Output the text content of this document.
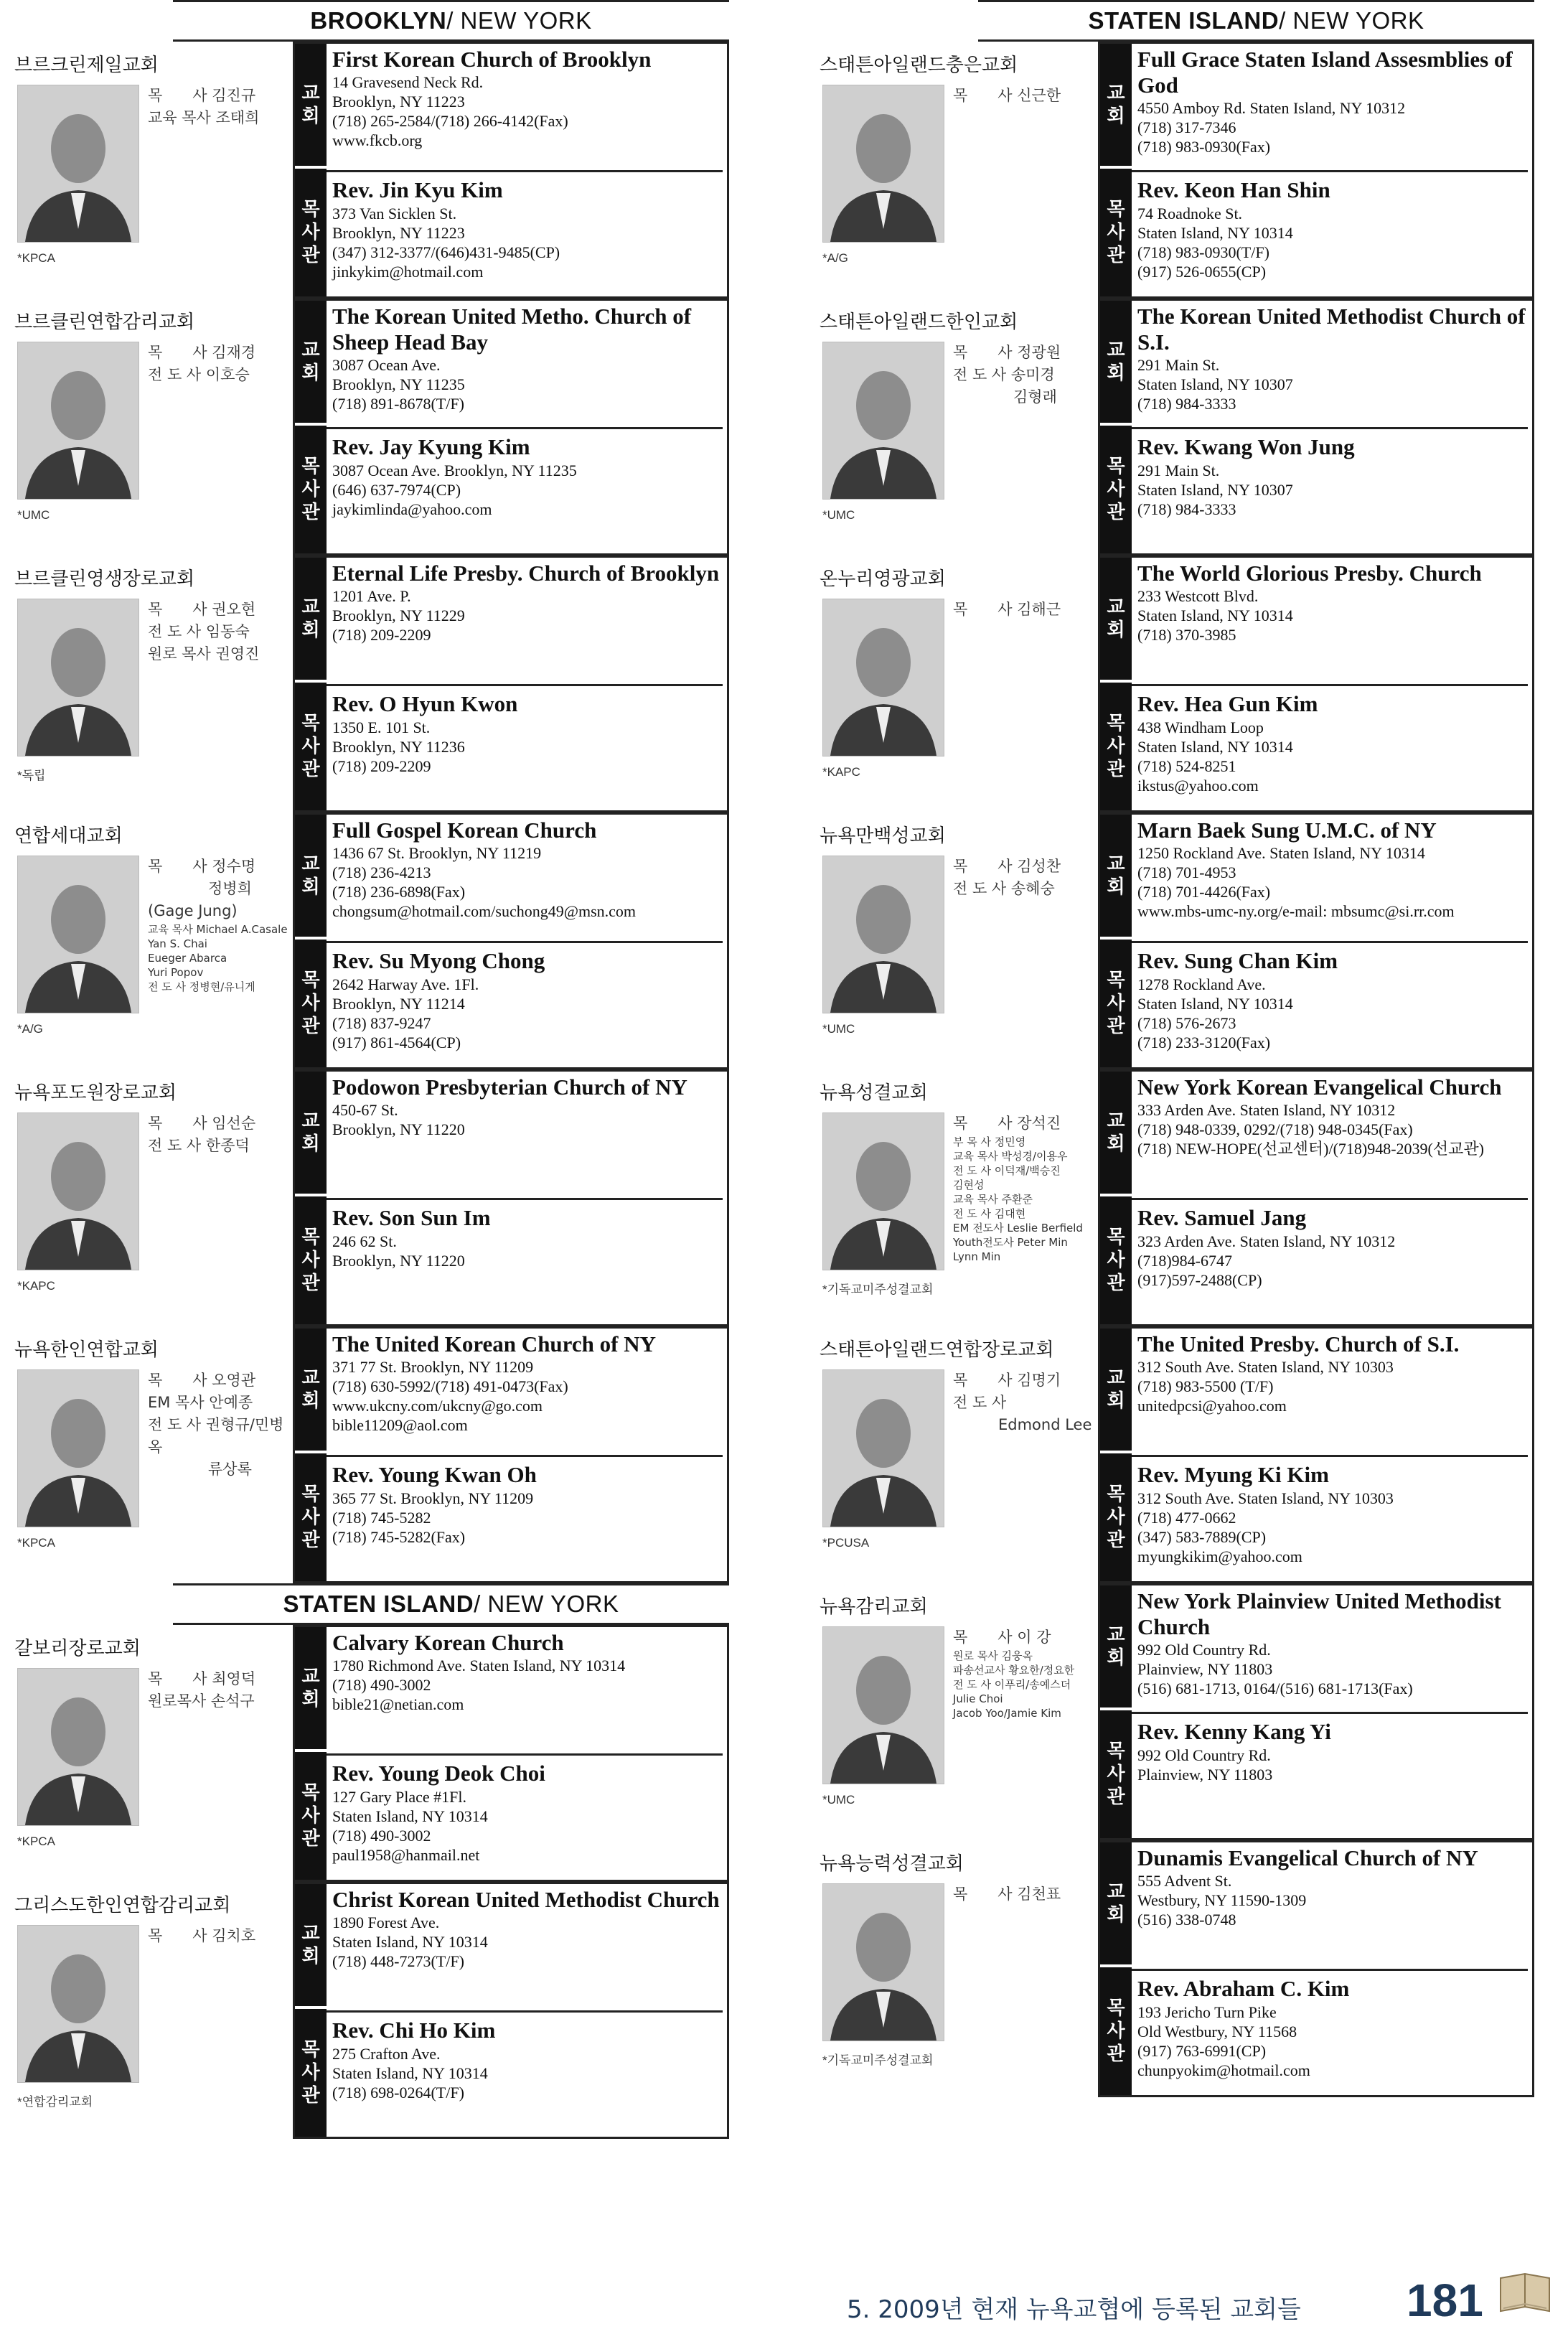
BROOKLYN / NEW YORK
브르크린제일교회
*KPCA
목　　사 김진규
교육 목사 조태희
교
회
목
사
관
First Korean Church of Brooklyn
14 Gravesend Neck Rd.
Brooklyn, NY 11223
(718) 265-2584/(718) 266-4142(Fax)
www.fkcb.org
Rev. Jin Kyu Kim
373 Van Sicklen St.
Brooklyn, NY 11223
(347) 312-3377/(646)431-9485(CP)
jinkykim@hotmail.com
브르클린연합감리교회
*UMC
목　　사 김재경
전 도 사 이호승
교
회
목
사
관
The Korean United Metho. Church of Sheep Head Bay
3087 Ocean Ave.
Brooklyn, NY 11235
(718) 891-8678(T/F)
Rev. Jay Kyung Kim
3087 Ocean Ave. Brooklyn, NY 11235
(646) 637-7974(CP)
jaykimlinda@yahoo.com
브르클린영생장로교회
*독립
목　　사 권오현
전 도 사 임동숙
원로 목사 권영진
교
회
목
사
관
Eternal Life Presby. Church of Brooklyn
1201 Ave. P.
Brooklyn, NY 11229
(718) 209-2209
Rev. O Hyun Kwon
1350 E. 101 St.
Brooklyn, NY 11236
(718) 209-2209
연합세대교회
*A/G
목　　사 정수명
　　　　정병희
(Gage Jung)
교육 목사 Michael A.Casale
Yan S. Chai
Eueger Abarca
Yuri Popov
전 도 사 정병현/유니게
교
회
목
사
관
Full Gospel Korean Church
1436 67 St. Brooklyn, NY 11219
(718) 236-4213
(718) 236-6898(Fax)
chongsum@hotmail.com/suchong49@msn.com
Rev. Su Myong Chong
2642 Harway Ave. 1Fl.
Brooklyn, NY 11214
(718) 837-9247
(917) 861-4564(CP)
뉴욕포도원장로교회
*KAPC
목　　사 임선순
전 도 사 한종덕
교
회
목
사
관
Podowon Presbyterian Church of NY
450-67 St.
Brooklyn, NY 11220
Rev. Son Sun Im
246 62 St.
Brooklyn, NY 11220
뉴욕한인연합교회
*KPCA
목　　사 오영관
EM 목사 안예종
전 도 사 권형규/민병옥
　　　　류상록
교
회
목
사
관
The United Korean Church of NY
371 77 St. Brooklyn, NY 11209
(718) 630-5992/(718) 491-0473(Fax)
www.ukcny.com/ukcny@go.com
bible11209@aol.com
Rev. Young Kwan Oh
365 77 St. Brooklyn, NY 11209
(718) 745-5282
(718) 745-5282(Fax)
STATEN ISLAND / NEW YORK
갈보리장로교회
*KPCA
목　　사 최영덕
원로목사 손석구
교
회
목
사
관
Calvary Korean Church
1780 Richmond Ave. Staten Island, NY 10314
(718) 490-3002
bible21@netian.com
Rev. Young Deok Choi
127 Gary Place #1Fl.
Staten Island, NY 10314
(718) 490-3002
paul1958@hanmail.net
그리스도한인연합감리교회
*연합감리교회
목　　사 김치호	교
회
목
사
관
Christ Korean United Methodist Church
1890 Forest Ave.
Staten Island, NY 10314
(718) 448-7273(T/F)
Rev. Chi Ho Kim
275 Crafton Ave.
Staten Island, NY 10314
(718) 698-0264(T/F)
STATEN ISLAND / NEW YORK
스태튼아일랜드충은교회
*A/G
목　　사 신근한	교
회
목
사
관
Full Grace Staten Island Assesmblies of God
4550 Amboy Rd. Staten Island, NY 10312
(718) 317-7346
(718) 983-0930(Fax)
Rev. Keon Han Shin
74 Roadnoke St.
Staten Island, NY 10314
(718) 983-0930(T/F)
(917) 526-0655(CP)
스태튼아일랜드한인교회
*UMC
목　　사 정광원
전 도 사 송미경
　　　　김형래
교
회
목
사
관
The Korean United Methodist Church of S.I.
291 Main St.
Staten Island, NY 10307
(718) 984-3333
Rev. Kwang Won Jung
291 Main St.
Staten Island, NY 10307
(718) 984-3333
온누리영광교회
*KAPC
목　　사 김해근	교
회
목
사
관
The World Glorious Presby. Church
233 Westcott Blvd.
Staten Island, NY 10314
(718) 370-3985
Rev. Hea Gun Kim
438 Windham Loop
Staten Island, NY 10314
(718) 524-8251
ikstus@yahoo.com
뉴욕만백성교회
*UMC
목　　사 김성찬
전 도 사 송혜숭
교
회
목
사
관
Marn Baek Sung U.M.C. of NY
1250 Rockland Ave. Staten Island, NY 10314
(718) 701-4953
(718) 701-4426(Fax)
www.mbs-umc-ny.org/e-mail: mbsumc@si.rr.com
Rev. Sung Chan Kim
1278 Rockland Ave.
Staten Island, NY 10314
(718) 576-2673
(718) 233-3120(Fax)
뉴욕성결교회
*기독교미주성결교회
목　　사 장석진
부 목 사 정민영
교육 목사 박성경/이용우
전 도 사 이덕재/백승진
김현성
교육 목사 주환준
전 도 사 김대현
EM 전도사 Leslie Berfield
Youth전도사 Peter Min
Lynn Min
교
회
목
사
관
New York Korean Evangelical Church
333 Arden Ave. Staten Island, NY 10312
(718) 948-0339, 0292/(718) 948-0345(Fax)
(718) NEW-HOPE(선교센터)/(718)948-2039(선교관)
Rev. Samuel Jang
323 Arden Ave. Staten Island, NY 10312
(718)984-6747
(917)597-2488(CP)
스태튼아일랜드연합장로교회
*PCUSA
목　　사 김명기
전 도 사
　　　Edmond Lee
교
회
목
사
관
The United Presby. Church of S.I.
312 South Ave. Staten Island, NY 10303
(718) 983-5500 (T/F)
unitedpcsi@yahoo.com
Rev. Myung Ki Kim
312 South Ave. Staten Island, NY 10303
(718) 477-0662
(347) 583-7889(CP)
myungkikim@yahoo.com
뉴욕감리교회
*UMC
목　　사 이 강
원로 목사 김웅옥
파송선교사 황요한/정요한
전 도 사 이푸리/송예스더
Julie Choi
Jacob Yoo/Jamie Kim
교
회
목
사
관
New York Plainview United Methodist Church
992 Old Country Rd.
Plainview, NY 11803
(516) 681-1713, 0164/(516) 681-1713(Fax)
Rev. Kenny Kang Yi
992 Old Country Rd.
Plainview, NY 11803
뉴욕능력성결교회
*기독교미주성결교회
목　　사 김천표	교
회
목
사
관
Dunamis Evangelical Church of NY
555 Advent St.
Westbury, NY 11590-1309
(516) 338-0748
Rev. Abraham C. Kim
193 Jericho Turn Pike
Old Westbury, NY 11568
(917) 763-6991(CP)
chunpyokim@hotmail.com
5. 2009년 현재 뉴욕교협에 등록된 교회들 181
